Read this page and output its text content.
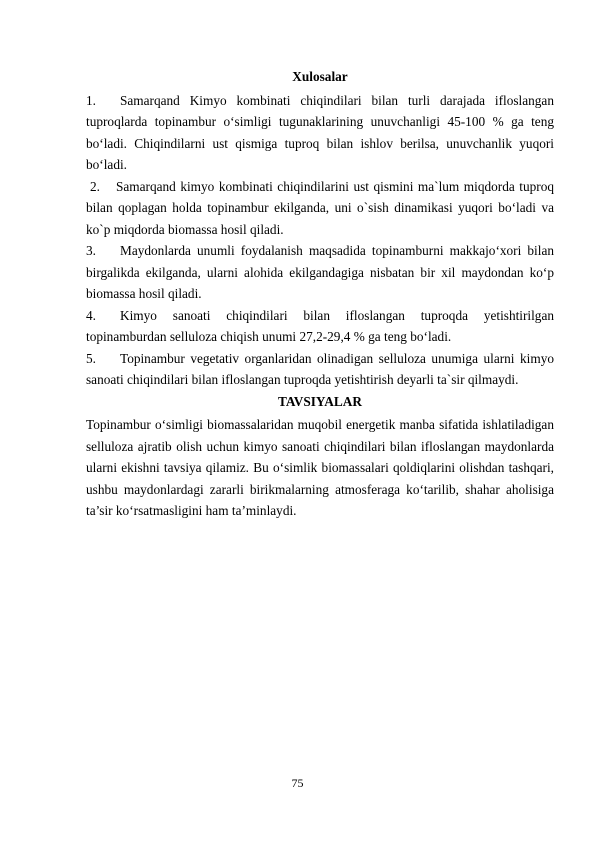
Xulosalar

1. Samarqand Kimyo kombinati chiqindilari bilan turli darajada ifloslangan tuproqlarda topinambur o‘simligi tugunaklarining unuvchanligi 45-100 % ga teng bo‘ladi. Chiqindilarni ust qismiga tuproq bilan ishlov berilsa, unuvchanlik yuqori bo‘ladi.

2. Samarqand kimyo kombinati chiqindilarini ust qismini ma`lum miqdorda tuproq bilan qoplagan holda topinambur ekilganda, uni o`sish dinamikasi yuqori bo‘ladi va ko`p miqdorda biomassa hosil qiladi.

3. Maydonlarda unumli foydalanish maqsadida topinamburni makkajo‘xori bilan birgalikda ekilganda, ularni alohida ekilgandagiga nisbatan bir xil maydondan ko‘p biomassa hosil qiladi.

4. Kimyo sanoati chiqindilari bilan ifloslangan tuproqda yetishtirilgan topinamburdan selluloza chiqish unumi 27,2-29,4 % ga teng bo‘ladi.

5. Topinambur vegetativ organlaridan olinadigan selluloza unumiga ularni kimyo sanoati chiqindilari bilan ifloslangan tuproqda yetishtirish deyarli ta`sir qilmaydi.

TAVSIYALAR

Topinambur o‘simligi biomassalaridan muqobil energetik manba sifatida ishlatiladigan selluloza ajratib olish uchun kimyo sanoati chiqindilari bilan ifloslangan maydonlarda ularni ekishni tavsiya qilamiz. Bu o‘simlik biomassalari qoldiqlarini olishdan tashqari, ushbu maydonlardagi zararli birikmalarning atmosferaga ko‘tarilib, shahar aholisiga ta’sir ko‘rsatmasligini ham ta’minlaydi.

75
